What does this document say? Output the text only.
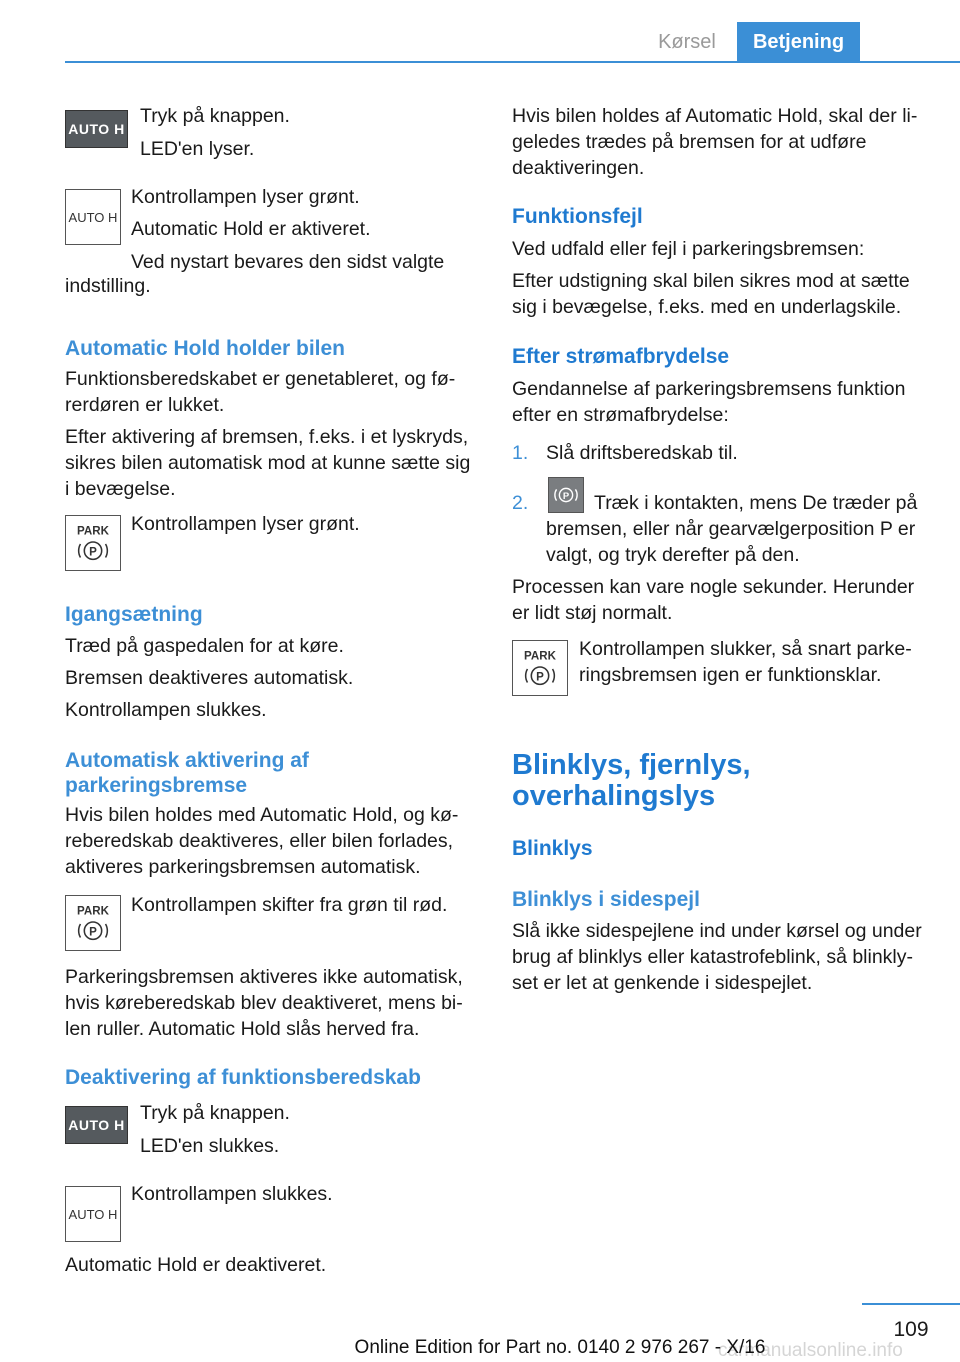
Kørsel	Betjening
AUTO H
Tryk på knappen.
LED'en lyser.
AUTO H
Kontrollampen lyser grønt.
Automatic Hold er aktiveret.
Ved nystart bevares den sidst valgte
indstilling.
Automatic Hold holder bilen
Funktionsberedskabet er genetableret, og fø-
rerdøren er lukket.
Efter aktivering af bremsen, f.eks. i et lyskryds,
sikres bilen automatisk mod at kunne sætte sig
i bevægelse.
PARK
P
Kontrollampen lyser grønt.
Igangsætning
Træd på gaspedalen for at køre.
Bremsen deaktiveres automatisk.
Kontrollampen slukkes.
Automatisk aktivering af
parkeringsbremse
Hvis bilen holdes med Automatic Hold, og kø-
reberedskab deaktiveres, eller bilen forlades,
aktiveres parkeringsbremsen automatisk.
PARK
P
Kontrollampen skifter fra grøn til rød.
Parkeringsbremsen aktiveres ikke automatisk,
hvis køreberedskab blev deaktiveret, mens bi-
len ruller. Automatic Hold slås herved fra.
Deaktivering af funktionsberedskab
AUTO H
Tryk på knappen.
LED'en slukkes.
AUTO H
Kontrollampen slukkes.
Automatic Hold er deaktiveret.
Hvis bilen holdes af Automatic Hold, skal der li-
geledes trædes på bremsen for at udføre
deaktiveringen.
Funktionsfejl
Ved udfald eller fejl i parkeringsbremsen:
Efter udstigning skal bilen sikres mod at sætte
sig i bevægelse, f.eks. med en underlagskile.
Efter strømafbrydelse
Gendannelse af parkeringsbremsens funktion
efter en strømafbrydelse:
1. Slå driftsberedskab til.
2.	P Træk i kontakten, mens De træder på
bremsen, eller når gearvælgerposition P er
valgt, og tryk derefter på den.
Processen kan vare nogle sekunder. Herunder
er lidt støj normalt.
PARK
P
Kontrollampen slukker, så snart parke-
ringsbremsen igen er funktionsklar.
Blinklys, fjernlys,
overhalingslys
Blinklys
Blinklys i sidespejl
Slå ikke sidespejlene ind under kørsel og under
brug af blinklys eller katastrofeblink, så blinkly-
set er let at genkende i sidespejlet.
109
carmanualsonline.info
Online Edition for Part no. 0140 2 976 267 - X/16
